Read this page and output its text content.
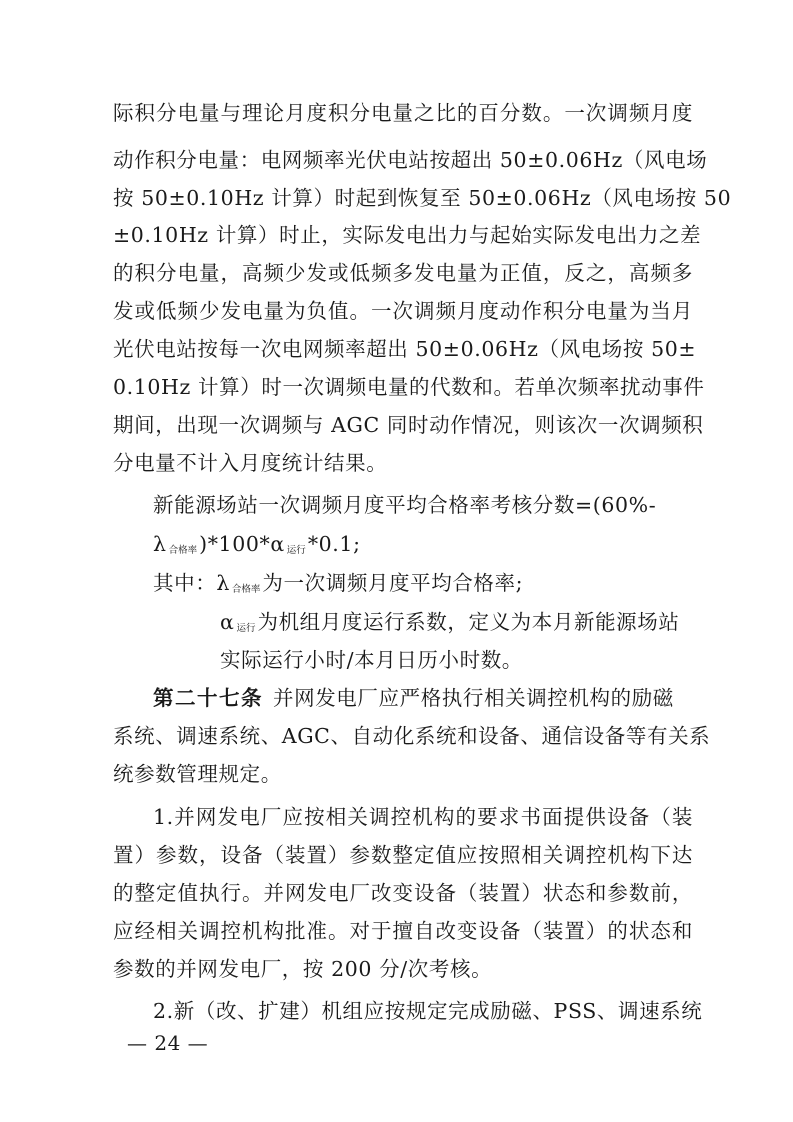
际积分电量与理论月度积分电量之比的百分数。一次调频月度
动作积分电量：电网频率光伏电站按超出 50±0.06Hz（风电场
按 50±0.10Hz 计算）时起到恢复至 50±0.06Hz（风电场按 50
±0.10Hz 计算）时止，实际发电出力与起始实际发电出力之差
的积分电量，高频少发或低频多发电量为正值，反之，高频多
发或低频少发电量为负值。一次调频月度动作积分电量为当月
光伏电站按每一次电网频率超出 50±0.06Hz（风电场按 50±
0.10Hz 计算）时一次调频电量的代数和。若单次频率扰动事件
期间，出现一次调频与 AGC 同时动作情况，则该次一次调频积
分电量不计入月度统计结果。
新能源场站一次调频月度平均合格率考核分数=(60%-
λ $_{合格率}$)*100*α $_{运行}$*0.1;
其中：λ $_{合格率}$为一次调频月度平均合格率;
α $_{运行}$为机组月度运行系数，定义为本月新能源场站
实际运行小时/本月日历小时数。
第二十七条 并网发电厂应严格执行相关调控机构的励磁
系统、调速系统、AGC、自动化系统和设备、通信设备等有关系
统参数管理规定。
1.并网发电厂应按相关调控机构的要求书面提供设备（装
置）参数，设备（装置）参数整定值应按照相关调控机构下达
的整定值执行。并网发电厂改变设备（装置）状态和参数前，
应经相关调控机构批准。对于擅自改变设备（装置）的状态和
参数的并网发电厂，按 200 分/次考核。
2.新（改、扩建）机组应按规定完成励磁、PSS、调速系统
— 24 —
